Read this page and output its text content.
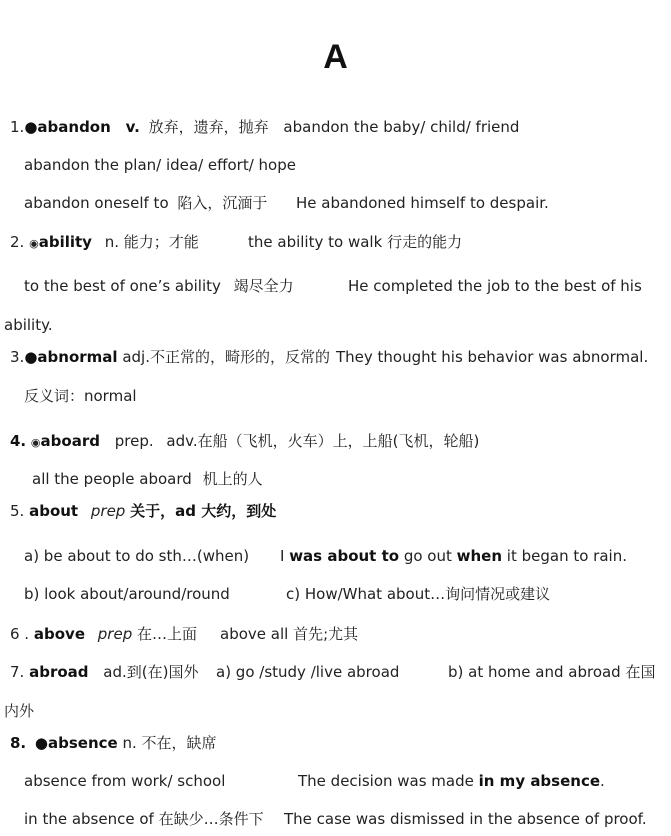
A
1.●abandon v. 放弃，遗弃，抛弃 abandon the baby/ child/ friend
abandon the plan/ idea/ effort/ hope
abandon oneself to 陷入，沉湎于 He abandoned himself to despair.
2. ◉ability n. 能力；才能	the ability to walk 行走的能力
to the best of one’s ability 竭尽全力	He completed the job to the best of his
ability.
3.●abnormal adj.不正常的，畸形的，反常的 They thought his behavior was abnormal.
反义词：normal
4. ◉aboard prep. adv.在船（飞机，火车）上，上船(飞机，轮船)
all the people aboard 机上的人
5. about prep 关于，ad 大约，到处
a) be about to do sth…(when) I was about to go out when it began to rain.
b) look about/around/round	c) How/What about…询问情况或建议
6 . above prep 在…上面 above all 首先;尤其
7. abroad ad.到(在)国外 a) go /study /live abroad	b) at home and abroad 在国
内外
8. ●absence n. 不在，缺席
absence from work/ school	The decision was made in my absence.
in the absence of 在缺少…条件下 The case was dismissed in the absence of proof.
